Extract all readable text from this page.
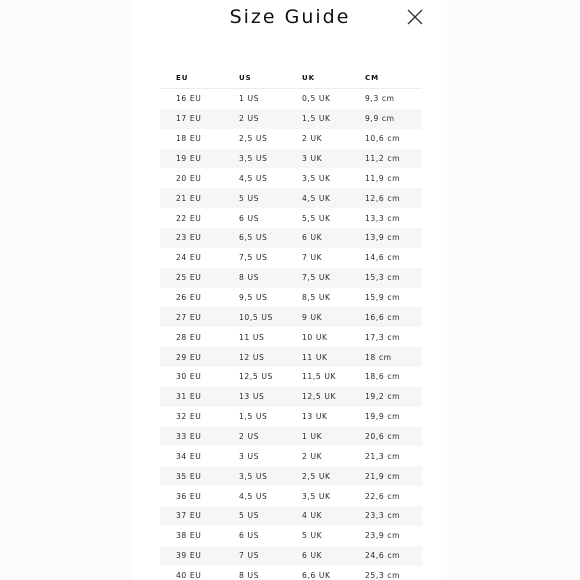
Size Guide
EU	US	UK	CM
16 EU	1 US	0,5 UK	9,3 cm
17 EU	2 US	1,5 UK	9,9 cm
18 EU	2,5 US	2 UK	10,6 cm
19 EU	3,5 US	3 UK	11,2 cm
20 EU	4,5 US	3,5 UK	11,9 cm
21 EU	5 US	4,5 UK	12,6 cm
22 EU	6 US	5,5 UK	13,3 cm
23 EU	6,5 US	6 UK	13,9 cm
24 EU	7,5 US	7 UK	14,6 cm
25 EU	8 US	7,5 UK	15,3 cm
26 EU	9,5 US	8,5 UK	15,9 cm
27 EU	10,5 US	9 UK	16,6 cm
28 EU	11 US	10 UK	17,3 cm
29 EU	12 US	11 UK	18 cm
30 EU	12,5 US	11,5 UK	18,6 cm
31 EU	13 US	12,5 UK	19,2 cm
32 EU	1,5 US	13 UK	19,9 cm
33 EU	2 US	1 UK	20,6 cm
34 EU	3 US	2 UK	21,3 cm
35 EU	3,5 US	2,5 UK	21,9 cm
36 EU	4,5 US	3,5 UK	22,6 cm
37 EU	5 US	4 UK	23,3 cm
38 EU	6 US	5 UK	23,9 cm
39 EU	7 US	6 UK	24,6 cm
40 EU	8 US	6,6 UK	25,3 cm
